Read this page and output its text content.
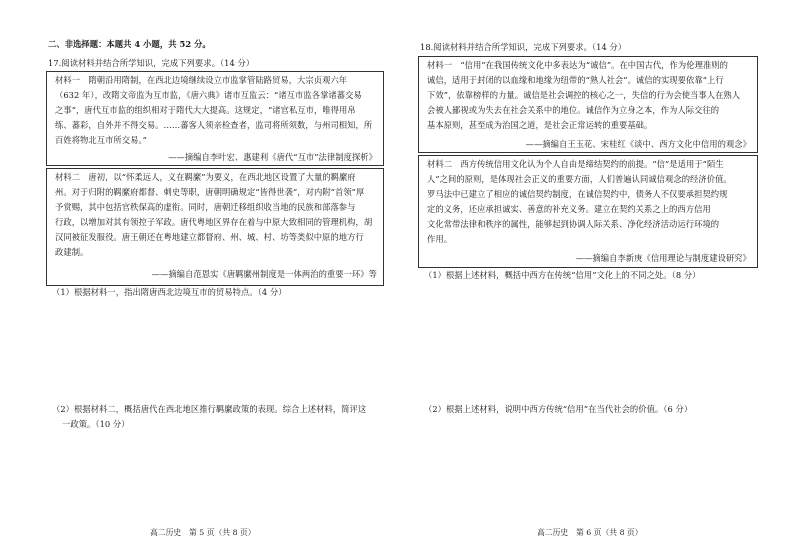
二、非选择题：本题共 4 小题，共 52 分。
17.阅读材料并结合所学知识，完成下列要求。（14 分）
材料一　隋朝沿用隋制，在西北边境继续设立市监掌管陆路贸易，大宗贞观六年
（632 年），改隋文帝监为互市监，《唐六典》诸市互监云：“诸互市监各掌诸蕃交易
之事”，唐代互市监的组织相对于隋代大大提高。这规定，“诸官私互市，唯得用帛
练、蕃彩，自外并不得交易。……蕃客人须亲检查者，监司将所须数，与州司相知，所
百姓将物北互市所交易。”
——摘编自李叶宏、惠建利《唐代“互市”法律制度探析》
材料二　唐初，以“怀柔远人，义在羁縻”为要义，在西北地区设置了大量的羁縻府
州。对于归附的羁縻府都督、刺史等职，唐朝明确规定“皆得世袭”，对内附“首领”厚
予赏赐，其中包括官秩保高的虚衔。同时，唐朝迁移组织收当地的民族和部落参与
行政，以增加对其有领控子军政。唐代粤地区界存在着与中原大致相同的管理机构，胡
汉同被征发服役。唐王朝还在粤地建立都督府、州、城、村、坊等类似中原的地方行
政建制。
——摘编自范恩实《唐羁縻州制度是一体两治的重要一环》等
（1）根据材料一，指出隋唐西北边境互市的贸易特点。（4 分）
（2）根据材料二，概括唐代在西北地区推行羁縻政策的表现。综合上述材料，简评这
一政策。（10 分）
高二历史　第 5 页（共 8 页）
18.阅读材料并结合所学知识，完成下列要求。（14 分）
材料一　“信用”在我国传统文化中多表达为“诚信”。在中国古代，作为伦理准则的
诚信，适用于封闭的以血缘和地缘为纽带的“熟人社会”。诚信的实现要依靠“上行
下效”，依靠榜样的力量。诚信是社会调控的核心之一，失信的行为会使当事人在熟人
会被人鄙视或为失去在社会关系中的地位。诚信作为立身之本，作为人际交往的
基本原则，甚至成为治国之道，是社会正常运转的重要基础。
——摘编自王玉花、宋桂红《谈中、西方文化中信用的观念》
材料二　西方传统信用文化认为个人自由是缔结契约的前提。“信”是适用于“陌生
人”之间的原则，是体现社会正义的重要方面，人们普遍认同诚信观念的经济价值。
罗马法中已建立了相应的诚信契约制度，在诚信契约中，债务人不仅要承担契约规
定的义务，还应承担诚实、善意的补充义务。建立在契约关系之上的西方信用
文化常带法律和秩序的属性，能够起到协调人际关系、净化经济活动运行环境的
作用。
——摘编自李新庚《信用理论与制度建设研究》
（1）根据上述材料，概括中西方在传统“信用”文化上的不同之处。（8 分）
（2）根据上述材料，说明中西方传统“信用”在当代社会的价值。（6 分）
高二历史　第 6 页（共 8 页）
